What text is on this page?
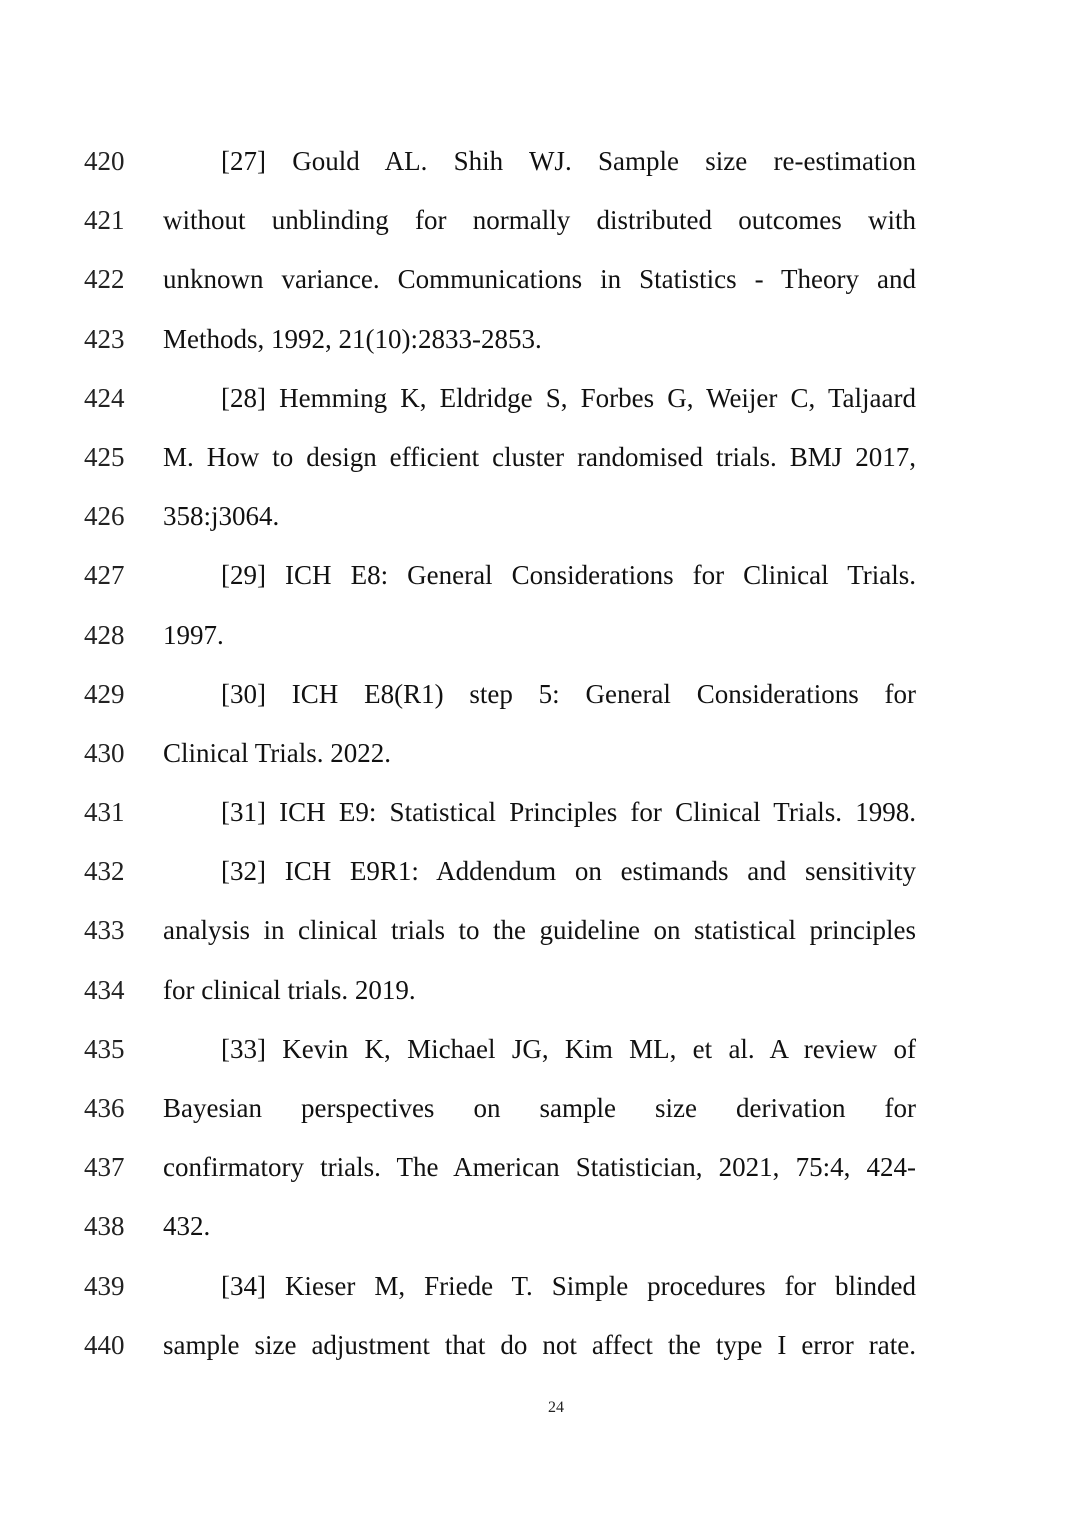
420	[27] Gould AL. Shih WJ. Sample size re-estimation
421 without unblinding for normally distributed outcomes with
422 unknown variance. Communications in Statistics - Theory and
423 Methods, 1992, 21(10):2833-2853.
424	[28] Hemming K, Eldridge S, Forbes G, Weijer C, Taljaard
425 M. How to design efficient cluster randomised trials. BMJ 2017,
426 358:j3064.
427	[29] ICH E8: General Considerations for Clinical Trials.
428 1997.
429	[30] ICH E8(R1) step 5: General Considerations for
430 Clinical Trials. 2022.
431	[31] ICH E9: Statistical Principles for Clinical Trials. 1998.
432	[32] ICH E9R1: Addendum on estimands and sensitivity
433 analysis in clinical trials to the guideline on statistical principles
434 for clinical trials. 2019.
435	[33] Kevin K, Michael JG, Kim ML, et al. A review of
436 Bayesian perspectives on sample size derivation for
437 confirmatory trials. The American Statistician, 2021, 75:4, 424-
438 432.
439	[34] Kieser M, Friede T. Simple procedures for blinded
440 sample size adjustment that do not affect the type I error rate.
24
